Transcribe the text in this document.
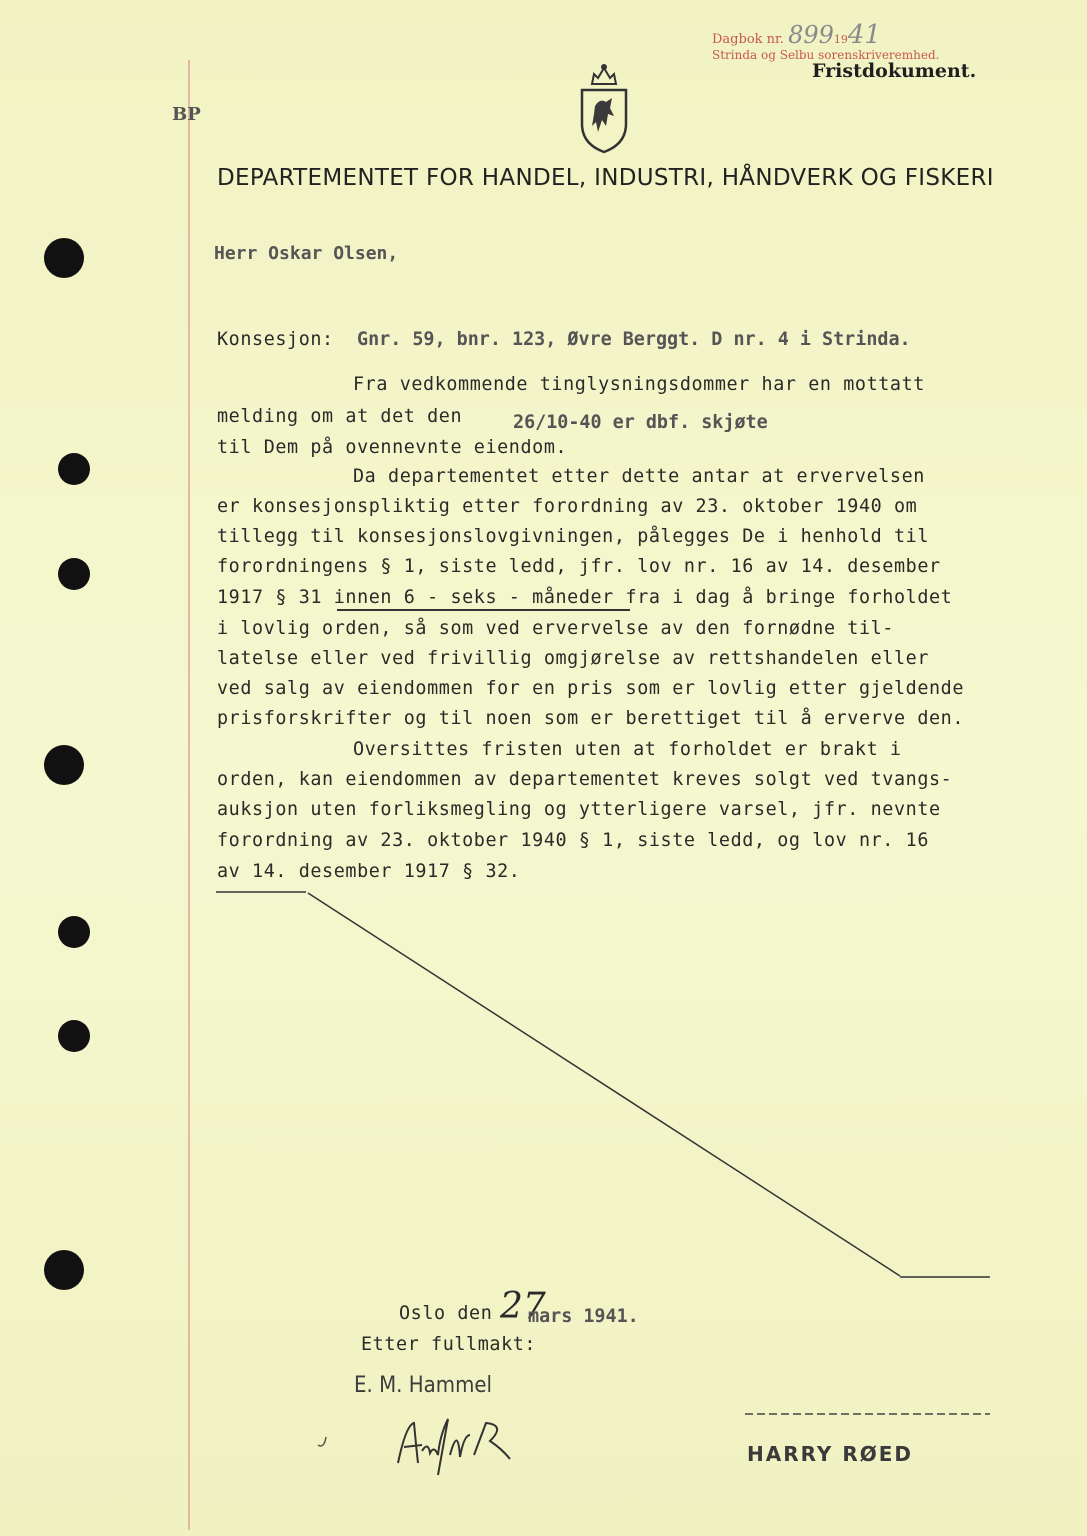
Dagbok nr. 8991941
Strinda og Selbu sorenskriveremhed.
Fristdokument.
BP
DEPARTEMENTET FOR HANDEL, INDUSTRI, HÅNDVERK OG FISKERI
Herr Oskar Olsen,
Konsesjon: Gnr. 59, bnr. 123, Øvre Berggt. D nr. 4 i Strinda.
Fra vedkommende tinglysningsdommer har en mottatt
melding om at det den	26/10-40 er dbf. skjøte
til Dem på ovennevnte eiendom.
Da departementet etter dette antar at ervervelsen
er konsesjonspliktig etter forordning av 23. oktober 1940 om
tillegg til konsesjonslovgivningen, pålegges De i henhold til
forordningens § 1, siste ledd, jfr. lov nr. 16 av 14. desember
1917 § 31 innen 6 - seks - måneder fra i dag å bringe forholdet
i lovlig orden, så som ved ervervelse av den fornødne til-
latelse eller ved frivillig omgjørelse av rettshandelen eller
ved salg av eiendommen for en pris som er lovlig etter gjeldende
prisforskrifter og til noen som er berettiget til å erverve den.
Oversittes fristen uten at forholdet er brakt i
orden, kan eiendommen av departementet kreves solgt ved tvangs-
auksjon uten forliksmegling og ytterligere varsel, jfr. nevnte
forordning av 23. oktober 1940 § 1, siste ledd, og lov nr. 16
av 14. desember 1917 § 32.
Oslo den 27
mars 1941.
Etter fullmakt:
E. M. Hammel
HARRY RØED
